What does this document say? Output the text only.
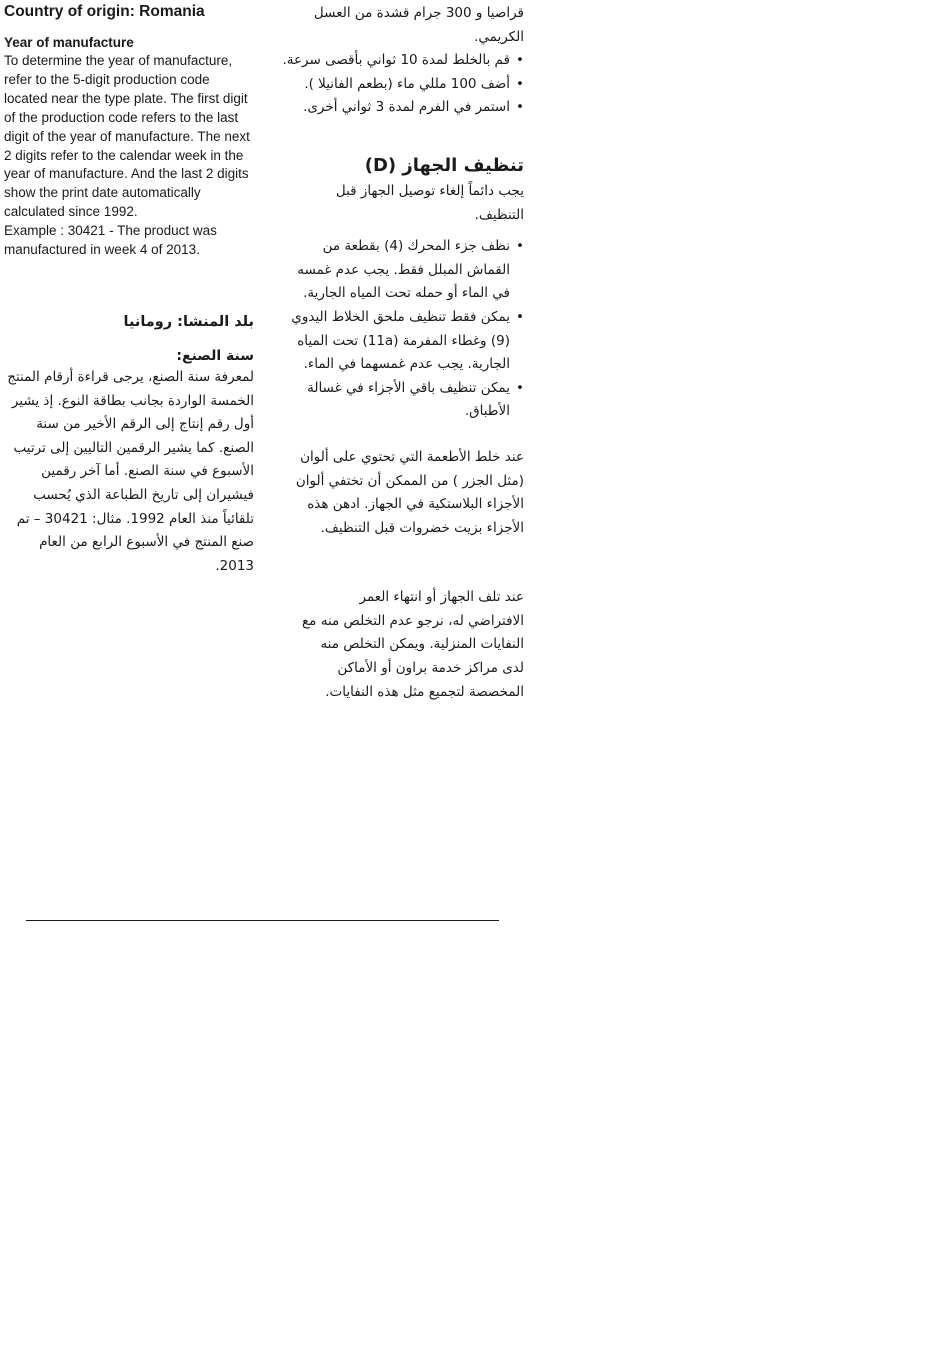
Country of origin: Romania
Year of manufacture

To determine the year of manufacture, refer to the 5-digit production code located near the type plate. The first digit of the production code refers to the last digit of the year of manufacture. The next 2 digits refer to the calendar week in the year of manufacture. And the last 2 digits show the print date automatically calculated since 1992.

Example : 30421 - The product was manufactured in week 4 of 2013.

بلد المنشا: رومانيا
سنة الصنع:

لمعرفة سنة الصنع، يرجى قراءة أرقام المنتج الخمسة الواردة بجانب بطاقة النوع. إذ يشير أول رقم إنتاج إلى الرقم الأخير من سنة الصنع. كما يشير الرقمين التاليين إلى ترتيب الأسبوع في سنة الصنع. أما آخر رقمين فيشيران إلى تاريخ الطباعة الذي يُحسب تلقائياً منذ العام 1992. مثال: 30421 – تم صنع المنتج في الأسبوع الرابع من العام 2013.

قراصيا و 300 جرام قشدة من العسل الكريمي.

• قم بالخلط لمدة 10 ثواني بأقصى سرعة.
• أضف 100 مللي ماء (بطعم الفانيلا ).
• استمر في الفرم لمدة 3 ثواني أخرى.
تنظيف الجهاز (D)

يجب دائماً إلغاء توصيل الجهاز قبل التنظيف.

• نظف جزء المحرك (4) بقطعة من القماش المبلل فقط. يجب عدم غمسه في الماء أو حمله تحت المياه الجارية.
• يمكن فقط تنظيف ملحق الخلاط اليدوي (9) وغطاء المفرمة (11a) تحت المياه الجارية. يجب عدم غمسهما في الماء.
• يمكن تنظيف باقي الأجزاء في غسالة الأطباق.

عند خلط الأطعمة التي تحتوي على ألوان (مثل الجزر ) من الممكن أن تختفي ألوان الأجزاء البلاستكية في الجهاز. ادهن هذه الأجزاء بزيت خضروات قبل التنظيف.

عند تلف الجهاز أو انتهاء العمر الافتراضي له، نرجو عدم التخلص منه مع النفايات المنزلية. ويمكن التخلص منه لدى مراكز خدمة براون أو الأماكن المخصصة لتجميع مثل هذه النفايات.
